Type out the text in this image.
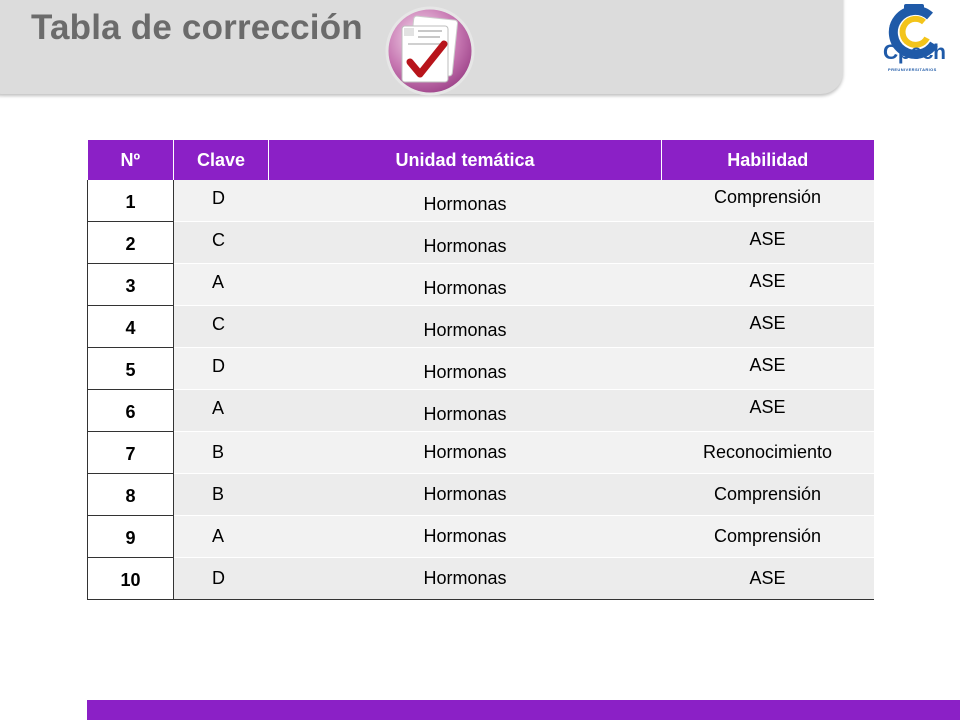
Tabla de corrección
Cpech
PREUNIVERSITARIOS
Nº	Clave	Unidad temática	Habilidad
1	D	Hormonas	Comprensión
2	C	Hormonas	ASE
3	A	Hormonas	ASE
4	C	Hormonas	ASE
5	D	Hormonas	ASE
6	A	Hormonas	ASE
7	B	Hormonas	Reconocimiento
8	B	Hormonas	Comprensión
9	A	Hormonas	Comprensión
10	D	Hormonas	ASE
